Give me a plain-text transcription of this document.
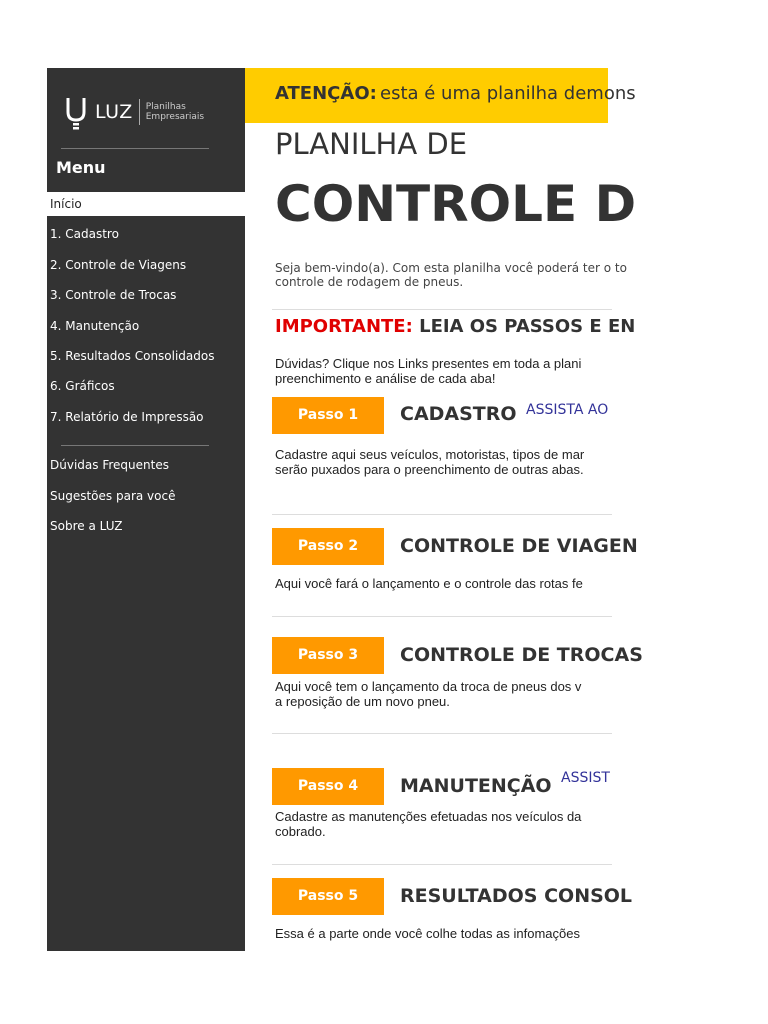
LUZ Planilhas
Empresariais
Menu
Início
1. Cadastro
2. Controle de Viagens
3. Controle de Trocas
4. Manutenção
5. Resultados Consolidados
6. Gráficos
7. Relatório de Impressão
Dúvidas Frequentes
Sugestões para você
Sobre a LUZ
ATENÇÃO: esta é uma planilha demons
PLANILHA DE
CONTROLE D
Seja bem-vindo(a). Com esta planilha você poderá ter o to
controle de rodagem de pneus.
IMPORTANTE: LEIA OS PASSOS E EN
Dúvidas? Clique nos Links presentes em toda a plani
preenchimento e análise de cada aba!
Passo 1	CADASTRO ASSISTA AO
Cadastre aqui seus veículos, motoristas, tipos de mar
serão puxados para o preenchimento de outras abas.
Passo 2	CONTROLE DE VIAGEN
Aqui você fará o lançamento e o controle das rotas fe
Passo 3	CONTROLE DE TROCAS
Aqui você tem o lançamento da troca de pneus dos v
a reposição de um novo pneu.
Passo 4	MANUTENÇÃO ASSIST
Cadastre as manutenções efetuadas nos veículos da
cobrado.
Passo 5	RESULTADOS CONSOL
Essa é a parte onde você colhe todas as infomações
